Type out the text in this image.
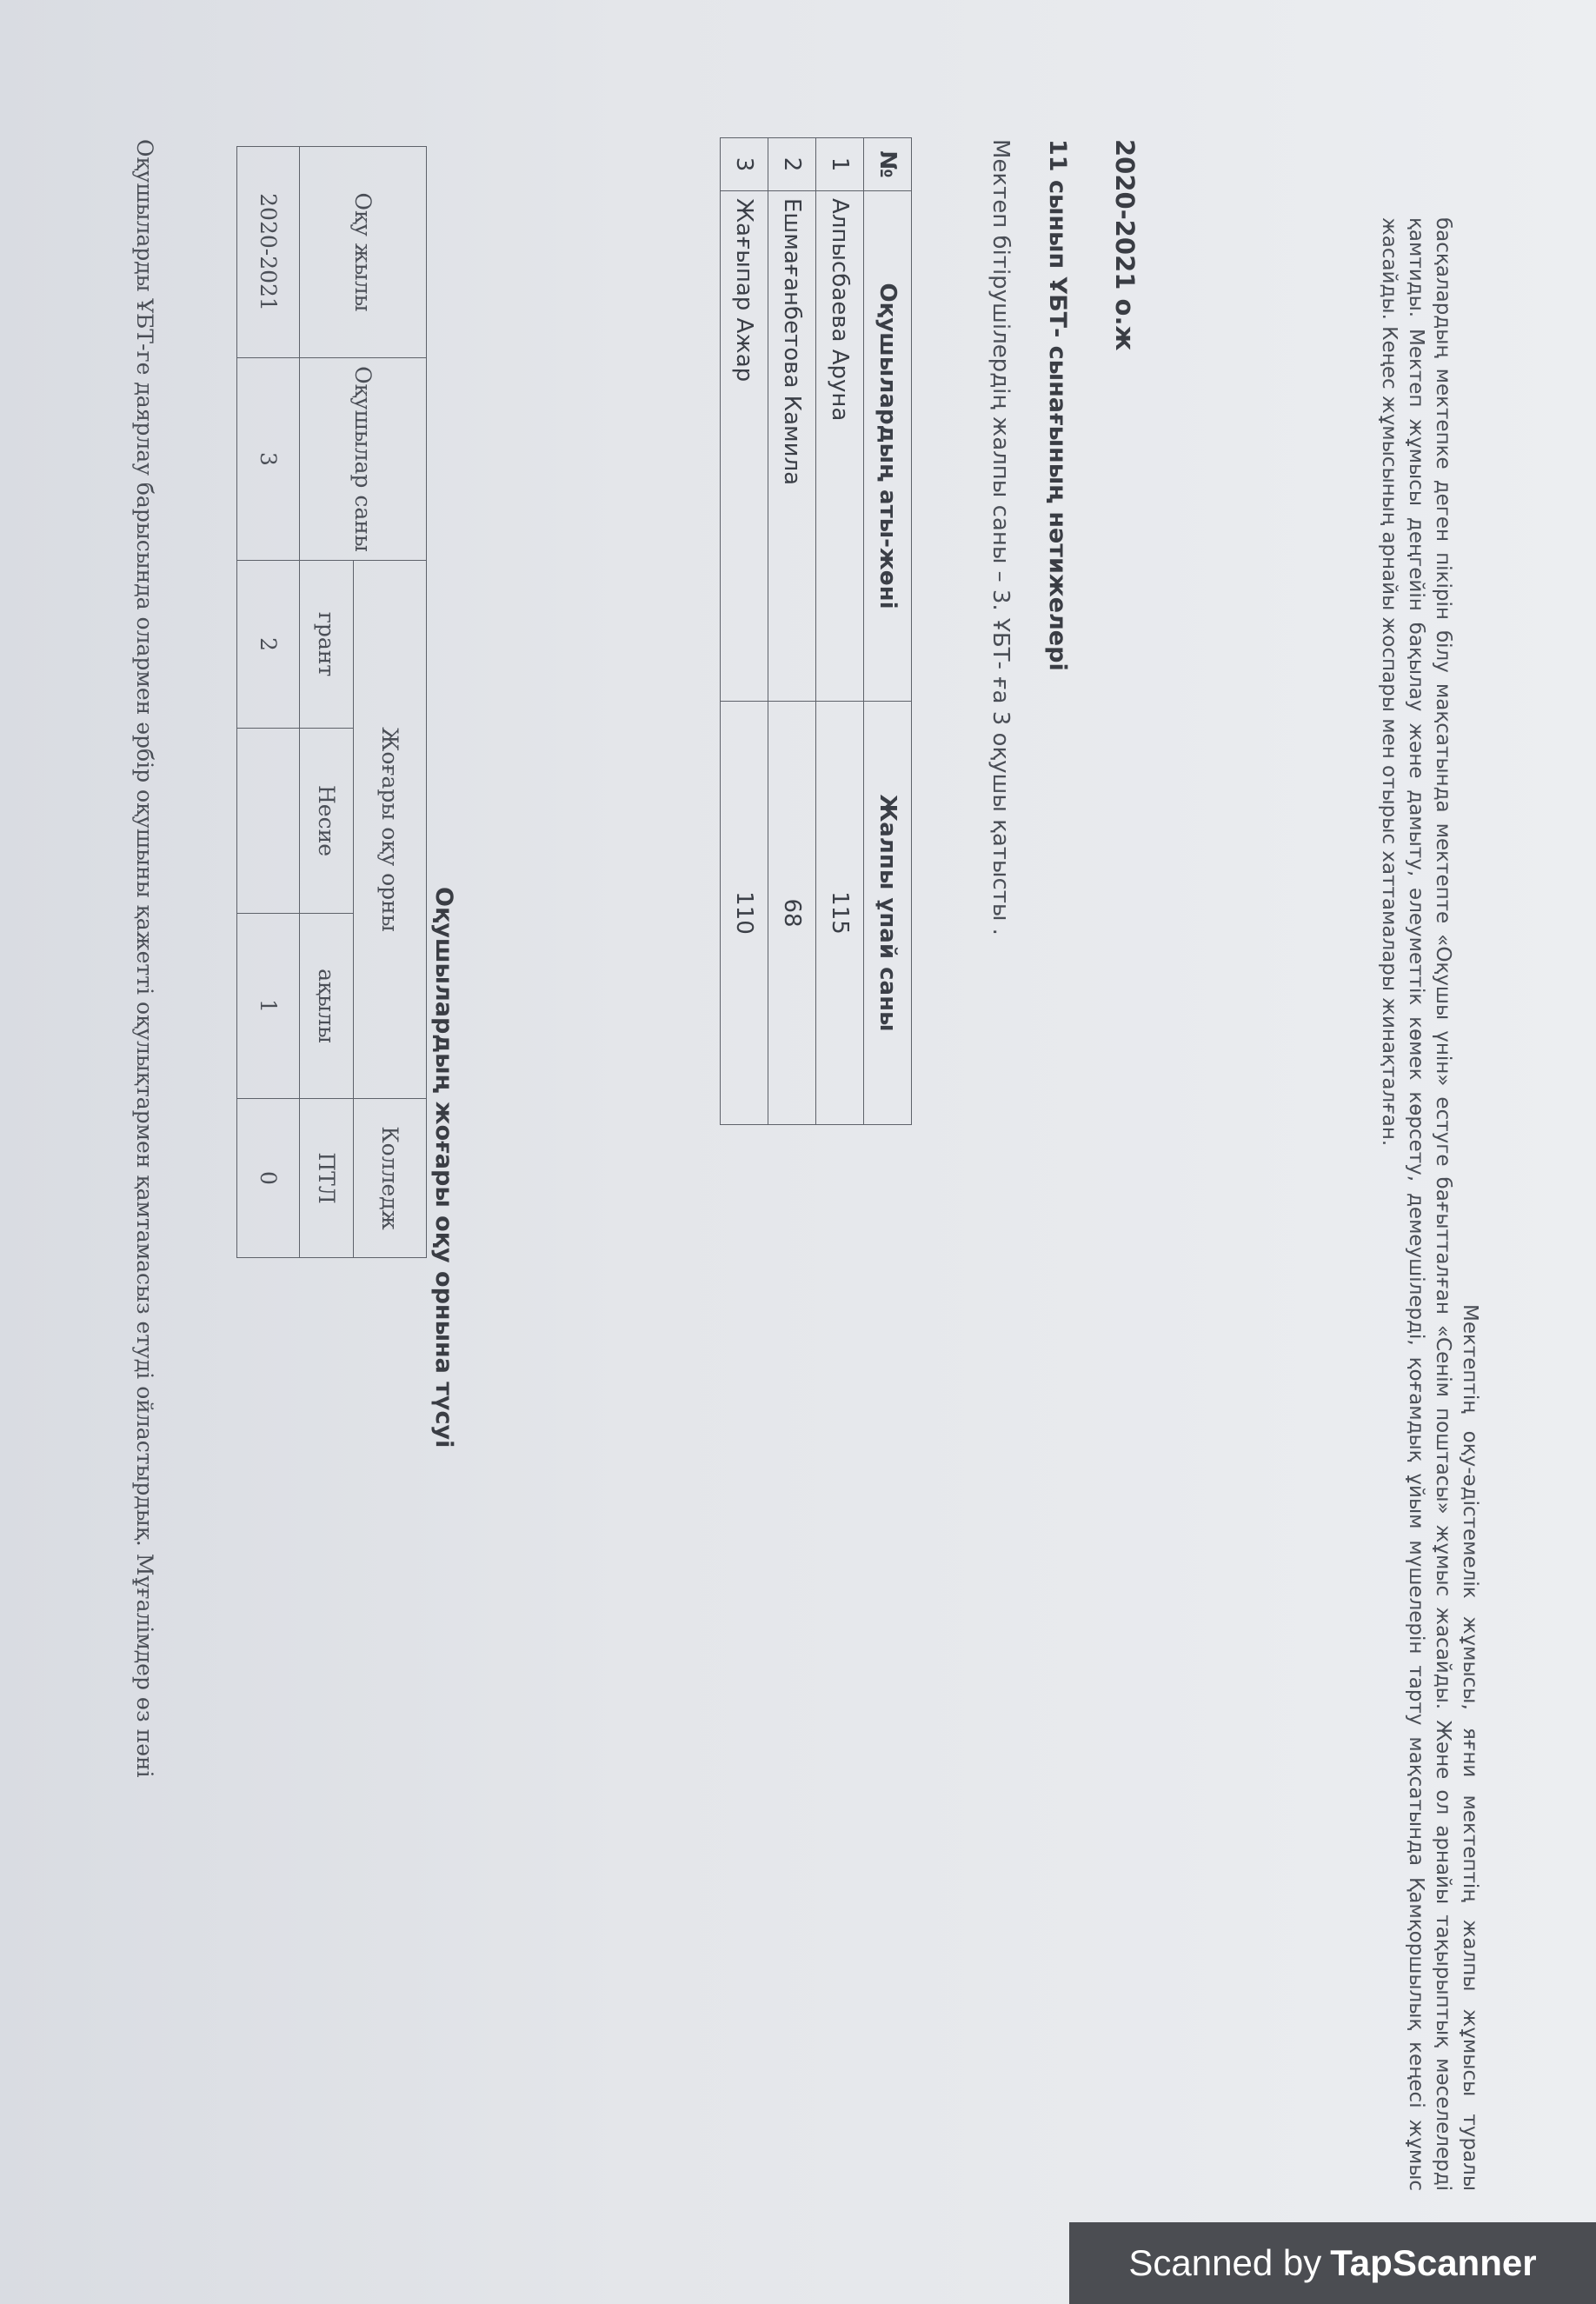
Мектептің оқу-әдістемелік жұмысы, яғни мектептің жалпы жұмысы туралы басқалардың мектепке деген пікірін білу мақсатында мектепте «Оқушы үнін» естуге бағытталған «Сенім поштасы» жұмыс жасайды. Және ол арнайы тақырыптық мәселелерді қамтиды. Мектеп жұмысы деңгейін бақылау және дамыту, әлеуметтік көмек көрсету, демеушілерді, қоғамдық ұйым мүшелерін тарту мақсатында Қамқоршылық кеңесі жұмыс жасайды. Кеңес жұмысының арнайы жоспары мен отырыс хаттамалары жинақталған.

2020-2021 о.ж
11 сынып ҰБТ- сынағының нәтижелері
Мектеп бітірушілердің жалпы саны – 3. ҰБТ- ға 3 оқушы қатысты .
№	Оқушылардың аты-жөні	Жалпы ұпай саны
1	Алпысбаева Аруна	115
2	Ешмағанбетова Камила	68
3	Жағыпар Ажар	110
Оқушылардың жоғары оқу орнына түсуі
Оқу жылы	Оқушылар саны	Жоғары оқу орны			Колледж
		грант	Несие	ақылы	ПТЛ
2020-2021	3	2		1	0
Оқушыларды ҰБТ-ге даярлау барысында олармен әрбір оқушыны қажетті оқулықтармен қамтамасыз етуді ойластырдық. Мұғалімдер өз пәні
Scanned by TapScanner
